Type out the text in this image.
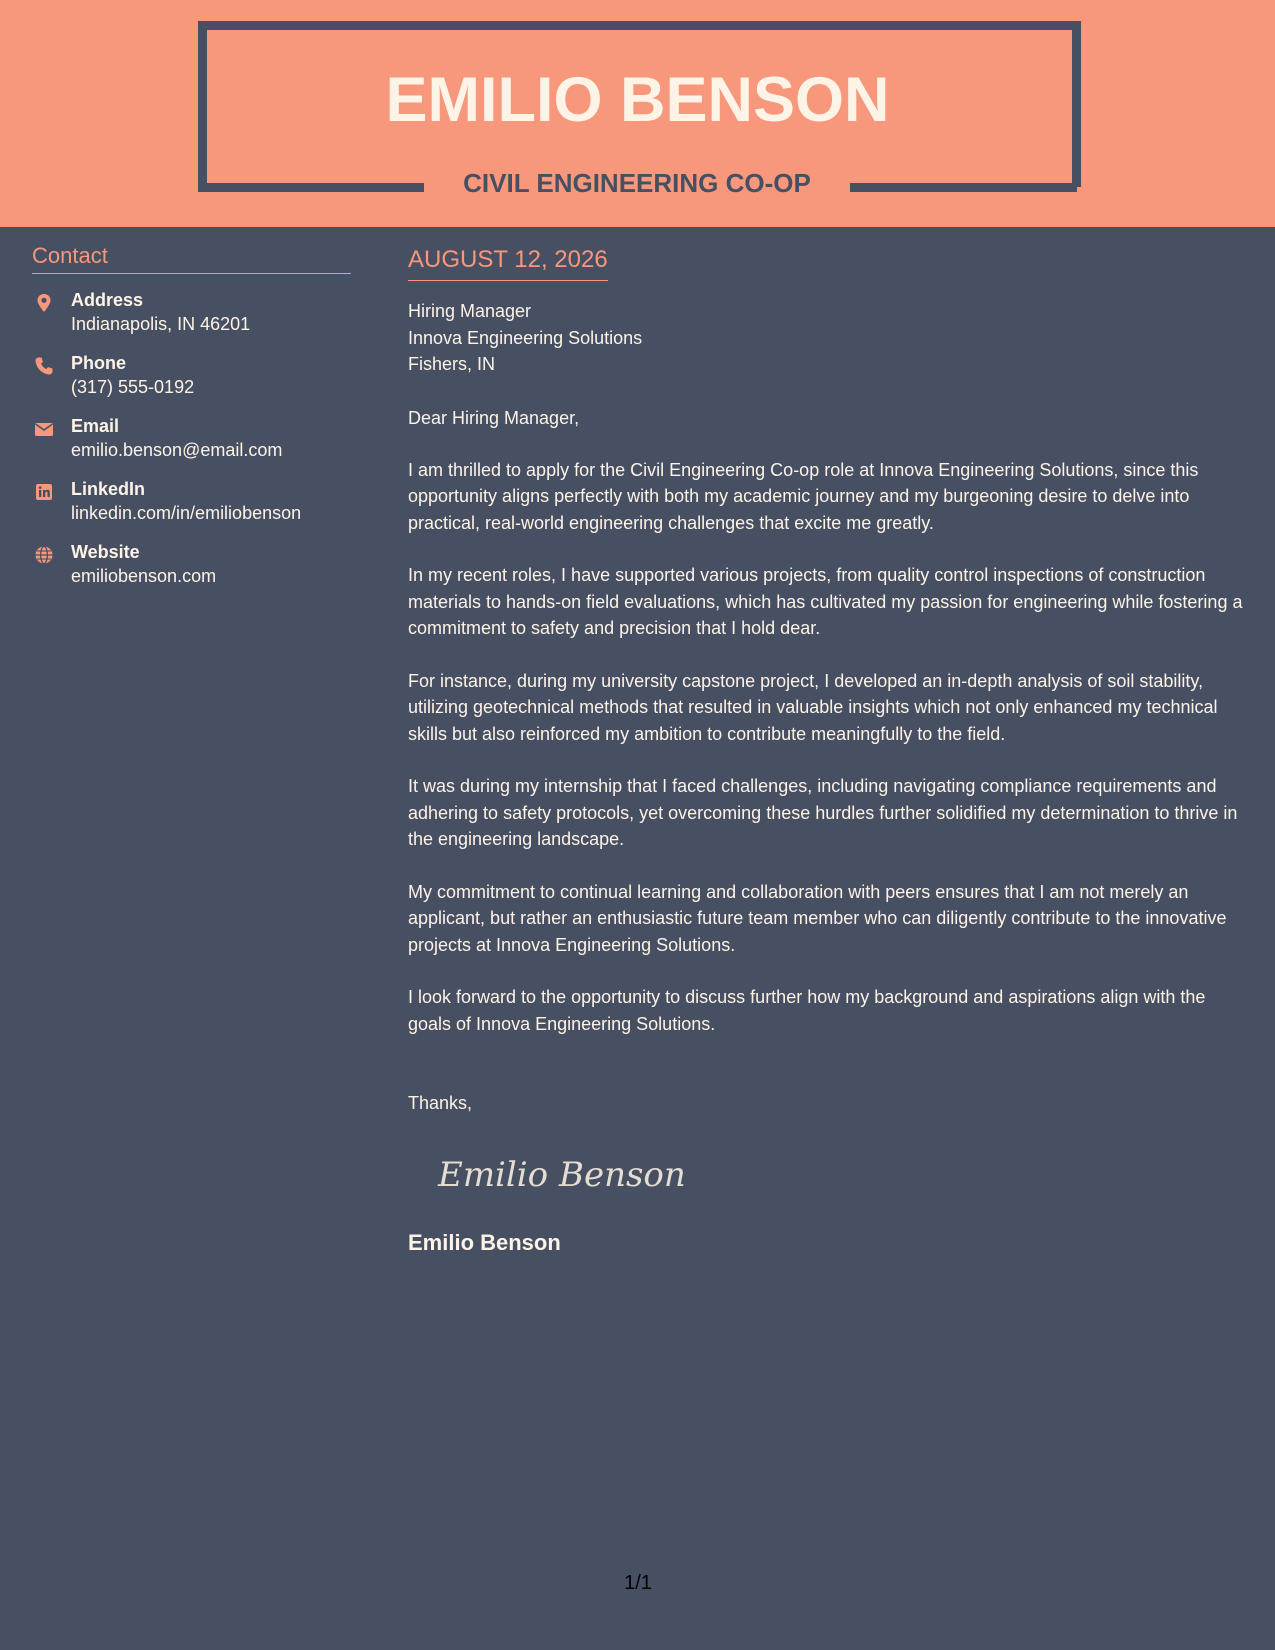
EMILIO BENSON
CIVIL ENGINEERING CO-OP
Contact
Address
Indianapolis, IN 46201
Phone
(317) 555-0192
Email
emilio.benson@email.com
LinkedIn
linkedin.com/in/emiliobenson
Website
emiliobenson.com
AUGUST 12, 2026
Hiring Manager
Innova Engineering Solutions
Fishers, IN
Dear Hiring Manager,
I am thrilled to apply for the Civil Engineering Co-op role at Innova Engineering Solutions, since this opportunity aligns perfectly with both my academic journey and my burgeoning desire to delve into practical, real-world engineering challenges that excite me greatly.
In my recent roles, I have supported various projects, from quality control inspections of construction materials to hands-on field evaluations, which has cultivated my passion for engineering while fostering a commitment to safety and precision that I hold dear.
For instance, during my university capstone project, I developed an in-depth analysis of soil stability, utilizing geotechnical methods that resulted in valuable insights which not only enhanced my technical skills but also reinforced my ambition to contribute meaningfully to the field.
It was during my internship that I faced challenges, including navigating compliance requirements and adhering to safety protocols, yet overcoming these hurdles further solidified my determination to thrive in the engineering landscape.
My commitment to continual learning and collaboration with peers ensures that I am not merely an applicant, but rather an enthusiastic future team member who can diligently contribute to the innovative projects at Innova Engineering Solutions.
I look forward to the opportunity to discuss further how my background and aspirations align with the goals of Innova Engineering Solutions.
Thanks,
Emilio Benson
Emilio Benson
1/1
